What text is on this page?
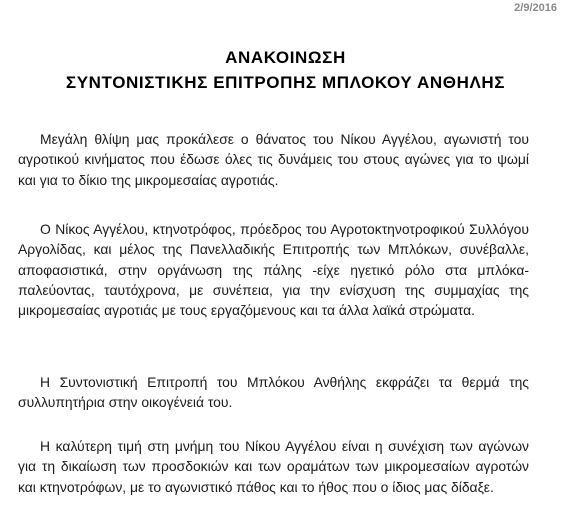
2/9/2016
ΑΝΑΚΟΙΝΩΣΗ
ΣΥΝΤΟΝΙΣΤΙΚΗΣ ΕΠΙΤΡΟΠΗΣ ΜΠΛΟΚΟΥ ΑΝΘΗΛΗΣ

Μεγάλη θλίψη μας προκάλεσε ο θάνατος του Νίκου Αγγέλου, αγωνιστή του αγροτικού κινήματος που έδωσε όλες τις δυνάμεις του στους αγώνες για το ψωμί και για το δίκιο της μικρομεσαίας αγροτιάς.

Ο Νίκος Αγγέλου, κτηνοτρόφος, πρόεδρος του Αγροτοκτηνοτροφικού Συλλόγου Αργολίδας, και μέλος της Πανελλαδικής Επιτροπής των Μπλόκων, συνέβαλλε, αποφασιστικά, στην οργάνωση της πάλης -είχε ηγετικό ρόλο στα μπλόκα- παλεύοντας, ταυτόχρονα, με συνέπεια, για την ενίσχυση της συμμαχίας της μικρομεσαίας αγροτιάς με τους εργαζόμενους και τα άλλα λαϊκά στρώματα.

Η Συντονιστική Επιτροπή του Μπλόκου Ανθήλης εκφράζει τα θερμά της συλλυπητήρια στην οικογένειά του.

Η καλύτερη τιμή στη μνήμη του Νίκου Αγγέλου είναι η συνέχιση των αγώνων για τη δικαίωση των προσδοκιών και των οραμάτων των μικρομεσαίων αγροτών και κτηνοτρόφων, με το αγωνιστικό πάθος και το ήθος που ο ίδιος μας δίδαξε.
